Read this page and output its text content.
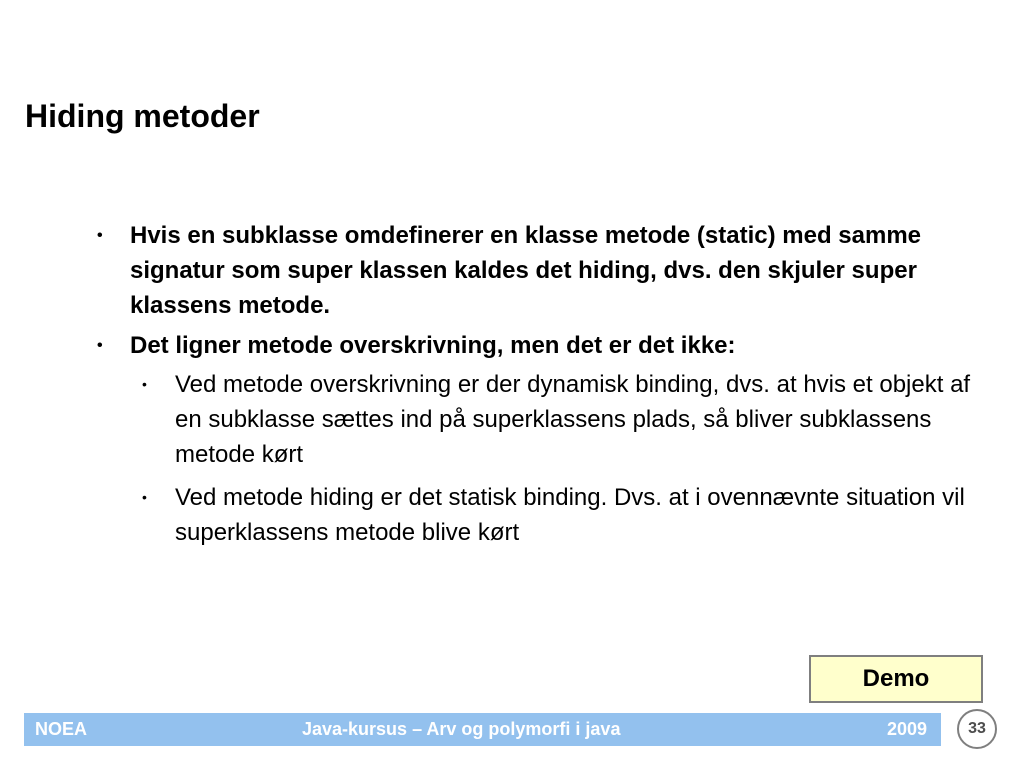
Hiding metoder
• Hvis en subklasse omdefinerer en klasse metode (static) med samme signatur som super klassen kaldes det hiding, dvs. den skjuler super klassens metode.
• Det ligner metode overskrivning, men det er det ikke:
• Ved metode overskrivning er der dynamisk binding, dvs. at hvis et objekt af en subklasse sættes ind på superklassens plads, så bliver subklassens metode kørt
• Ved metode hiding er det statisk binding. Dvs. at i ovennævnte situation vil superklassens metode blive kørt
Demo
NOEA	Java-kursus – Arv og polymorfi i java	2009	33
